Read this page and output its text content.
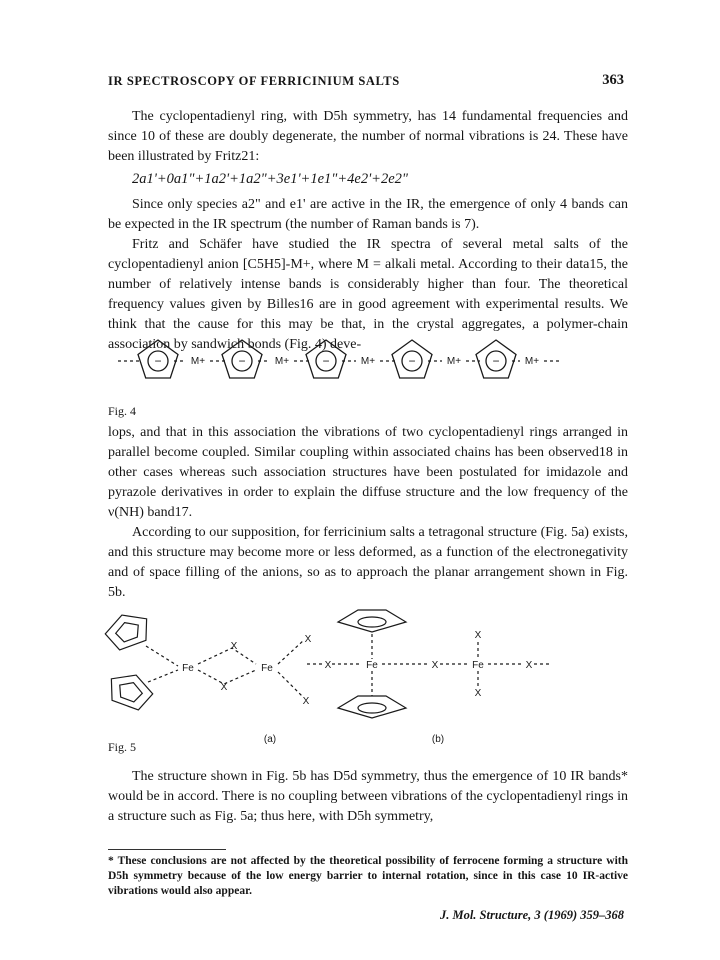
IR SPECTROSCOPY OF FERRICINIUM SALTS	363

The cyclopentadienyl ring, with D5h symmetry, has 14 fundamental frequencies and since 10 of these are doubly degenerate, the number of normal vibrations is 24. These have been illustrated by Fritz21:

2a1'+0a1"+1a2'+1a2"+3e1'+1e1"+4e2'+2e2"

Since only species a2" and e1' are active in the IR, the emergence of only 4 bands can be expected in the IR spectrum (the number of Raman bands is 7).

Fritz and Schäfer have studied the IR spectra of several metal salts of the cyclopentadienyl anion [C5H5]-M+, where M = alkali metal. According to their data15, the number of relatively intense bands is considerably higher than four. The theoretical frequency values given by Billes16 are in good agreement with experimental results. We think that the cause for this may be that, in the crystal aggregates, a polymer-chain association by sandwich bonds (Fig. 4) deve-

−	−	−	−	−
M+	M+	M+	M+	M+
Fig. 4

lops, and that in this association the vibrations of two cyclopentadienyl rings arranged in parallel become coupled. Similar coupling within associated chains has been observed18 in other cases whereas such association structures have been postulated for imidazole and pyrazole derivatives in order to explain the diffuse structure and the low frequency of the ν(NH) band17.

According to our supposition, for ferricinium salts a tetragonal structure (Fig. 5a) exists, and this structure may become more or less deformed, as a function of the electronegativity and of space filling of the anions, so as to approach the planar arrangement shown in Fig. 5b.

Fe	Fe
X
X
X
X
(a)
Fe	Fe
X	X	X
X
X
(b)
Fig. 5

The structure shown in Fig. 5b has D5d symmetry, thus the emergence of 10 IR bands* would be in accord. There is no coupling between vibrations of the cyclopentadienyl rings in a structure such as Fig. 5a; thus here, with D5h symmetry,

* These conclusions are not affected by the theoretical possibility of ferrocene forming a structure with D5h symmetry because of the low energy barrier to internal rotation, since in this case 10 IR-active vibrations would also appear.

J. Mol. Structure, 3 (1969) 359–368
